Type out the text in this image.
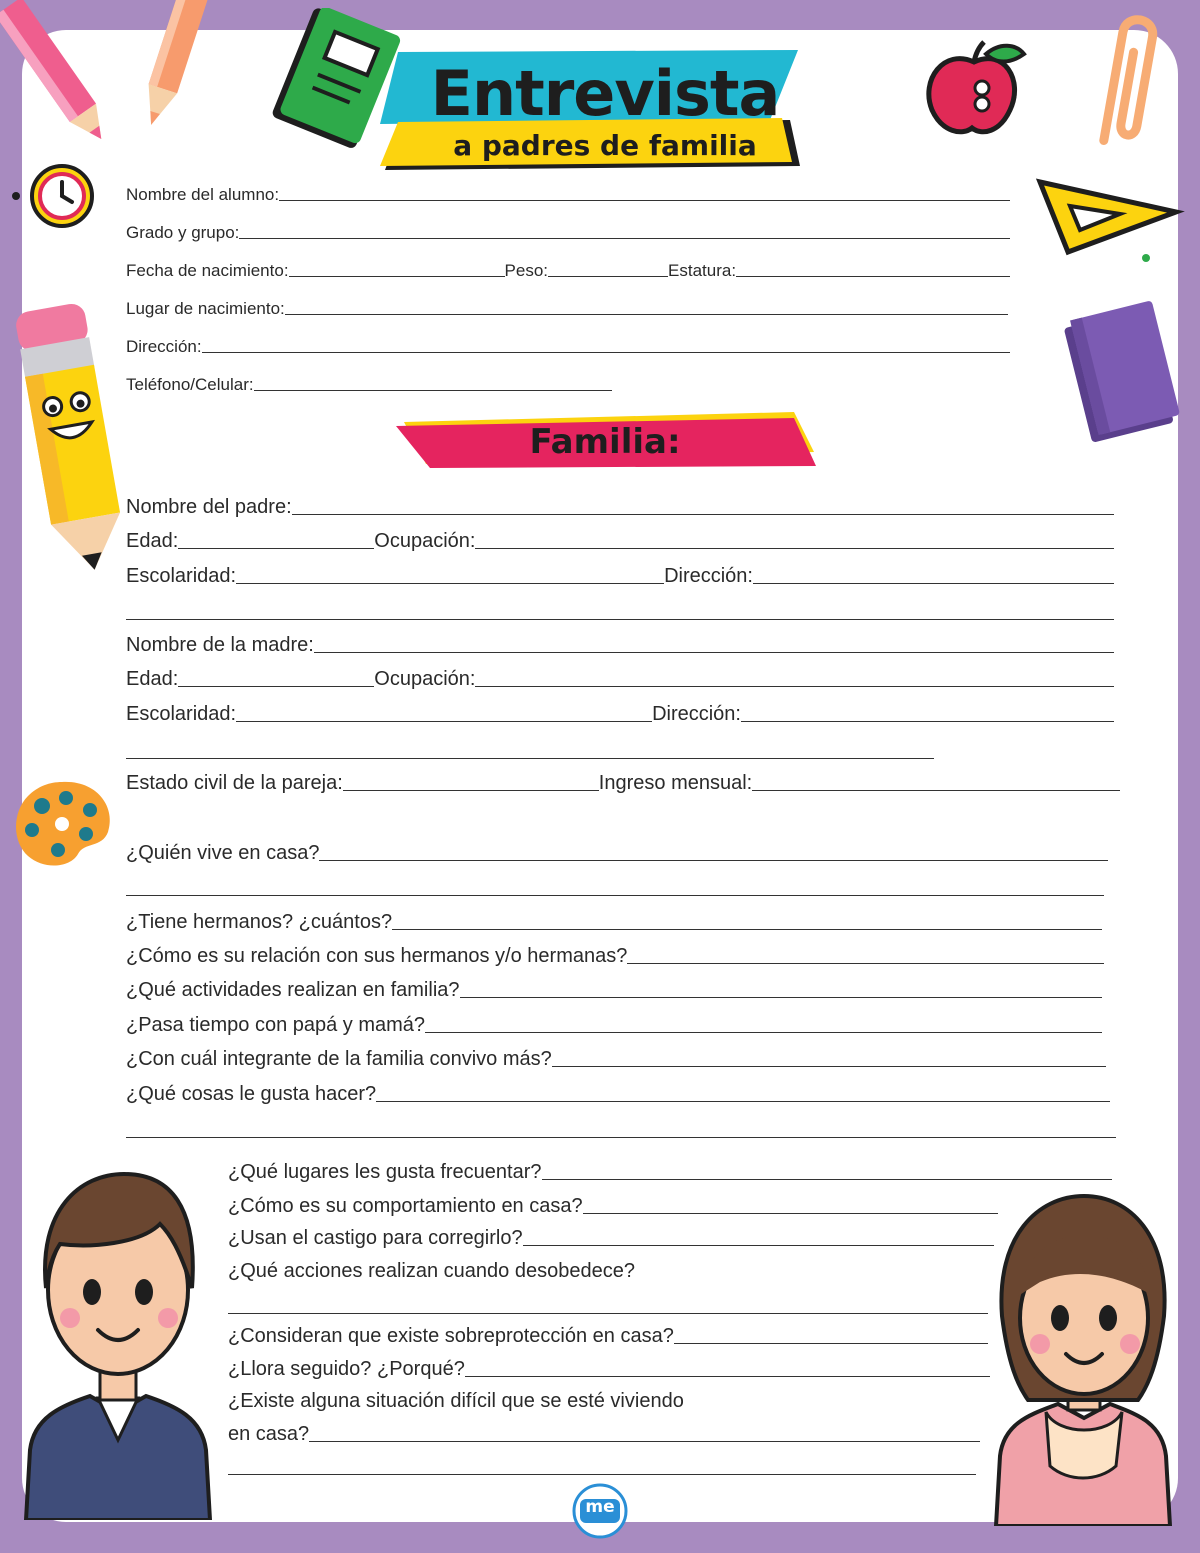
Entrevista
a padres de familia
Nombre del alumno:
Grado y grupo:
Fecha de nacimiento:	Peso:	Estatura:
Lugar de nacimiento:
Dirección:
Teléfono/Celular:
Familia:
Nombre del padre:
Edad:	Ocupación:
Escolaridad:	Dirección:
Nombre de la madre:
Edad:	Ocupación:
Escolaridad:	Dirección:
Estado civil de la pareja:	Ingreso mensual:
¿Quién vive en casa?
¿Tiene hermanos? ¿cuántos?
¿Cómo es su relación con sus hermanos y/o hermanas?
¿Qué actividades realizan en familia?
¿Pasa tiempo con papá y mamá?
¿Con cuál integrante de la familia convivo más?
¿Qué cosas le gusta hacer?
¿Qué lugares les gusta frecuentar?
¿Cómo es su comportamiento en casa?
¿Usan el castigo para corregirlo?
¿Qué acciones realizan cuando desobedece?
¿Consideran que existe sobreprotección en casa?
¿Llora seguido? ¿Porqué?
¿Existe alguna situación difícil que se esté viviendo
en casa?
me
